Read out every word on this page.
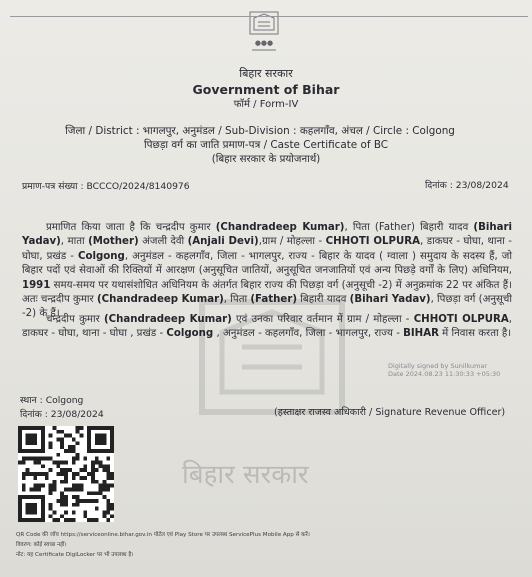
●●●
बिहार सरकार
Government of Bihar
फॉर्म / Form-IV
जिला / District : भागलपुर, अनुमंडल / Sub-Division : कहलगाँव, अंचल / Circle : Colgong
पिछड़ा वर्ग का जाति प्रमाण-पत्र / Caste Certificate of BC
(बिहार सरकार के प्रयोजनार्थ)
प्रमाण-पत्र संख्या : BCCCO/2024/8140976	दिनांक : 23/08/2024
बिहार सरकार
प्रमाणित किया जाता है कि चन्द्रदीप कुमार (Chandradeep Kumar), पिता (Father) बिहारी यादव (Bihari Yadav), माता (Mother) अंजली देवी (Anjali Devi),ग्राम / मोहल्ला - CHHOTI OLPURA, डाकघर - घोघा, थाना - घोघा, प्रखंड - Colgong, अनुमंडल - कहलगाँव, जिला - भागलपुर, राज्य - बिहार के यादव ( ग्वाला ) समुदाय के सदस्य हैं, जो बिहार पदों एवं सेवाओं की रिक्तियों में आरक्षण (अनुसूचित जातियों, अनुसूचित जनजातियों एवं अन्य पिछड़े वर्गों के लिए) अधिनियम, 1991 समय-समय पर यथासंशोधित अधिनियम के अंतर्गत बिहार राज्य की पिछड़ा वर्ग (अनुसूची -2) में अनुक्रमांक 22 पर अंकित हैं। अतः चन्द्रदीप कुमार (Chandradeep Kumar), पिता (Father) बिहारी यादव (Bihari Yadav), पिछड़ा वर्ग (अनुसूची -2) के हैं।
चन्द्रदीप कुमार (Chandradeep Kumar) एवं उनका परिवार वर्तमान में ग्राम / मोहल्ला - CHHOTI OLPURA, डाकघर - घोघा, थाना - घोघा , प्रखंड - Colgong , अनुमंडल - कहलगाँव, जिला - भागलपुर, राज्य - BIHAR में निवास करता है।
Digitally signed by Sunilkumar
Date 2024.08.23 11:30:33 +05:30
स्थान : Colgong
दिनांक : 23/08/2024	(हस्ताक्षर राजस्व अधिकारी / Signature Revenue Officer)
QR Code की जाँच https://serviceonline.bihar.gov.in पोर्टल एवं Play Store पर उपलब्ध ServicePlus Mobile App से करें।
विवरण: कोई स्वच्छ नहीं।
नोट: यह Certificate DigiLocker पर भी उपलब्ध है।
